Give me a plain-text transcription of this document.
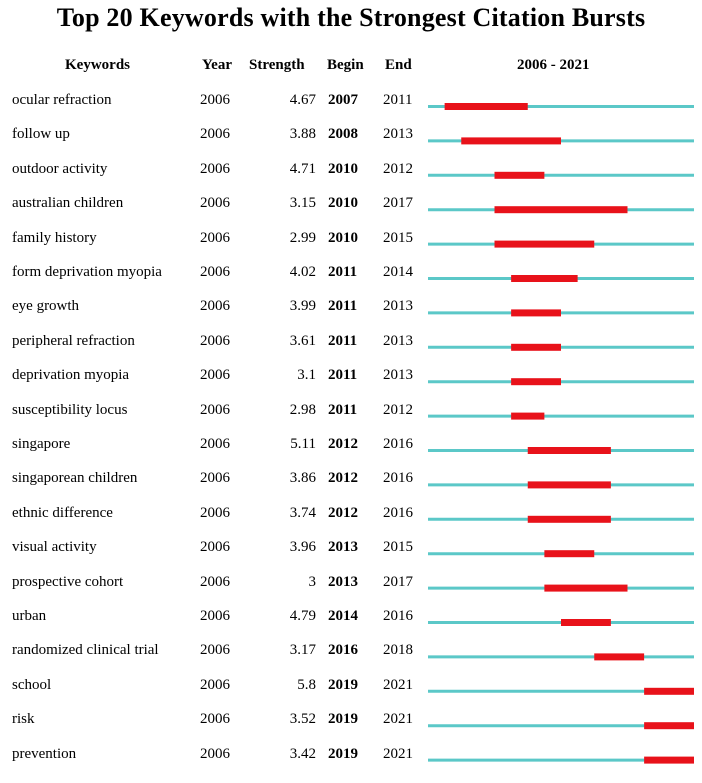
Top 20 Keywords with the Strongest Citation Bursts
Keywords	Year Strength Begin End	2006 - 2021
ocular refraction	2006	4.67 2007 2011
follow up	2006	3.88 2008 2013
outdoor activity	2006	4.71 2010 2012
australian children	2006	3.15 2010 2017
family history	2006	2.99 2010 2015
form deprivation myopia	2006	4.02 2011 2014
eye growth	2006	3.99 2011 2013
peripheral refraction	2006	3.61 2011 2013
deprivation myopia	2006	3.1 2011 2013
susceptibility locus	2006	2.98 2011 2012
singapore	2006	5.11 2012 2016
singaporean children	2006	3.86 2012 2016
ethnic difference	2006	3.74 2012 2016
visual activity	2006	3.96 2013 2015
prospective cohort	2006	3 2013 2017
urban	2006	4.79 2014 2016
randomized clinical trial	2006	3.17 2016 2018
school	2006	5.8 2019 2021
risk	2006	3.52 2019 2021
prevention	2006	3.42 2019 2021
